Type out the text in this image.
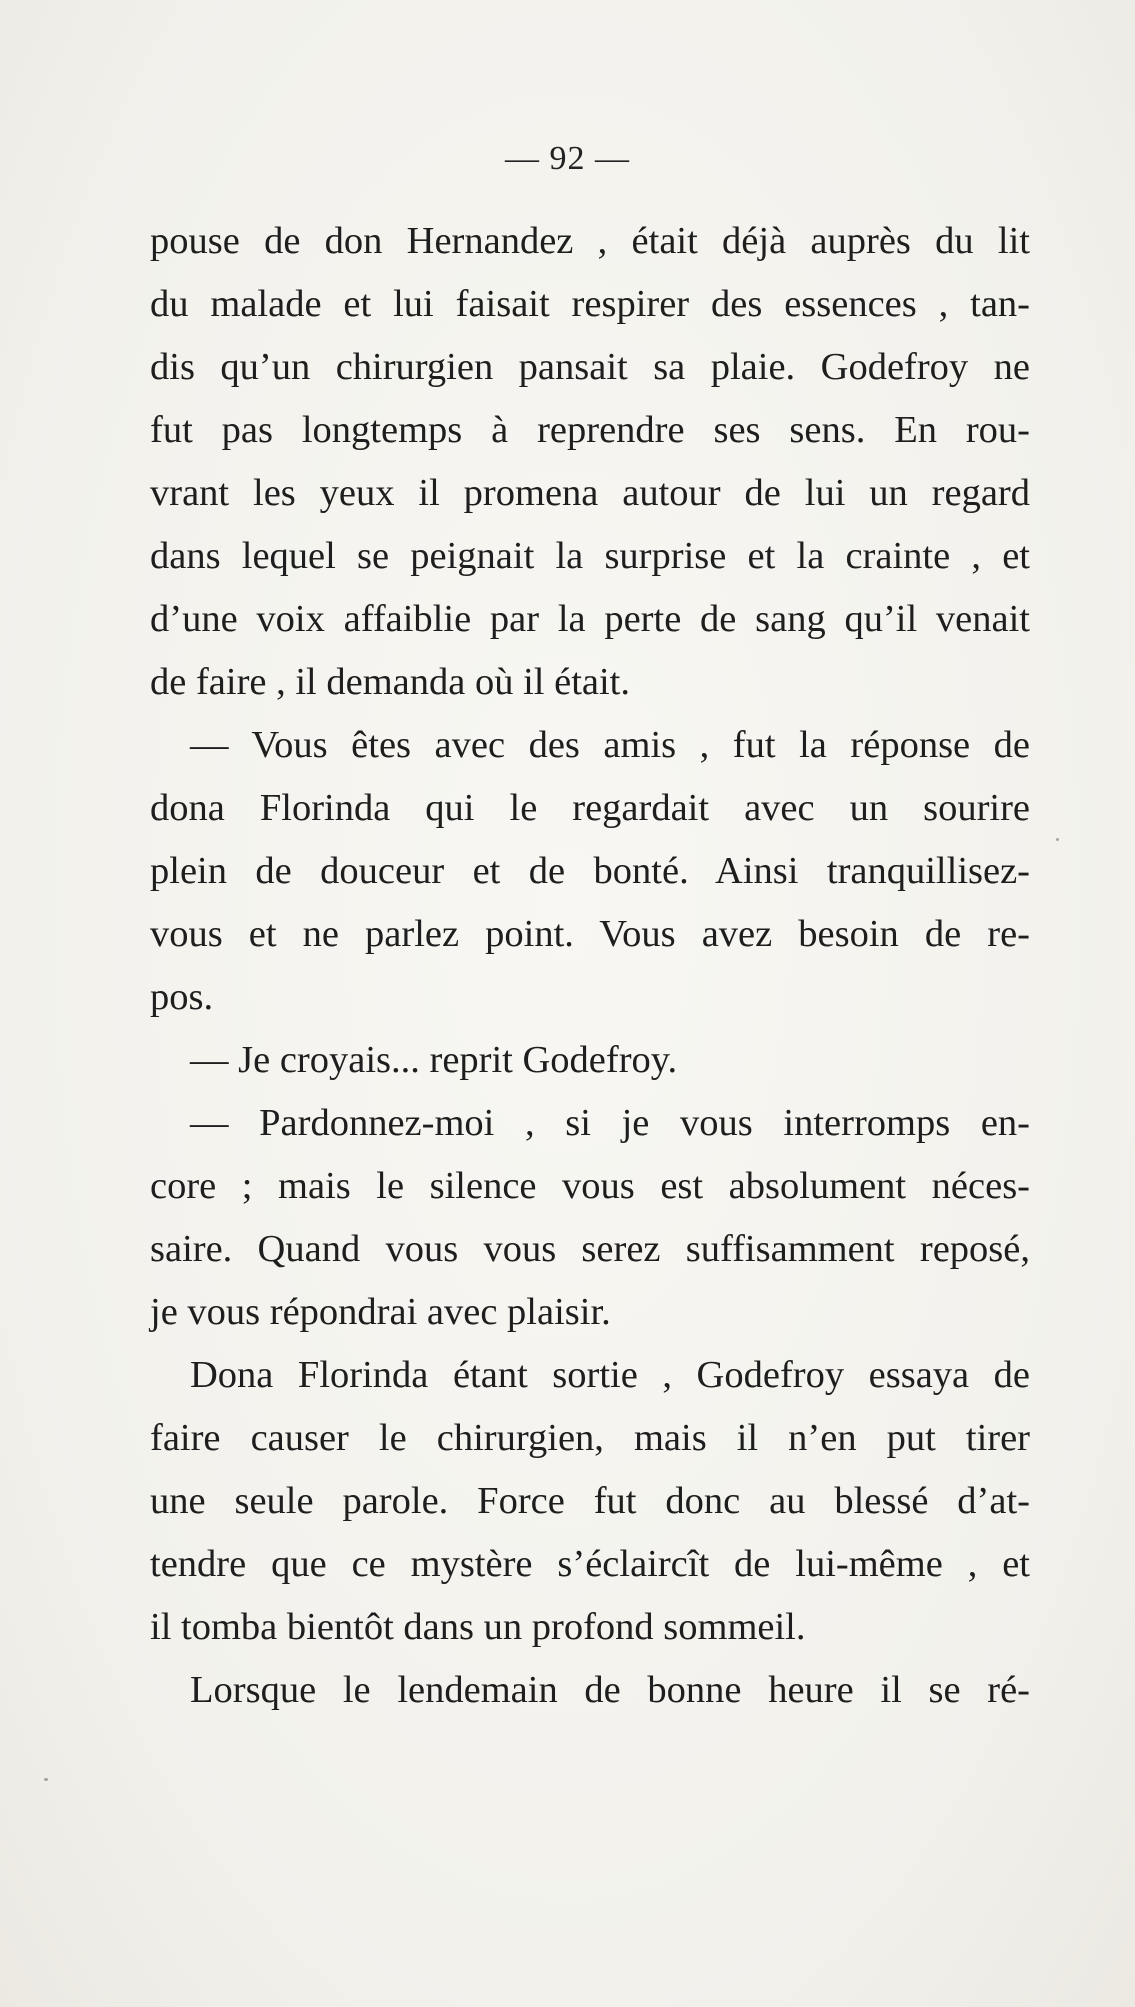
— 92 —
pouse de don Hernandez , était déjà auprès du lit
du malade et lui faisait respirer des essences , tan-
dis qu’un chirurgien pansait sa plaie. Godefroy ne
fut pas longtemps à reprendre ses sens. En rou-
vrant les yeux il promena autour de lui un regard
dans lequel se peignait la surprise et la crainte , et
d’une voix affaiblie par la perte de sang qu’il venait
de faire , il demanda où il était.
— Vous êtes avec des amis , fut la réponse de
dona Florinda qui le regardait avec un sourire
plein de douceur et de bonté. Ainsi tranquillisez-
vous et ne parlez point. Vous avez besoin de re-
pos.
— Je croyais... reprit Godefroy.
— Pardonnez-moi , si je vous interromps en-
core ; mais le silence vous est absolument néces-
saire. Quand vous vous serez suffisamment reposé,
je vous répondrai avec plaisir.
Dona Florinda étant sortie , Godefroy essaya de
faire causer le chirurgien, mais il n’en put tirer
une seule parole. Force fut donc au blessé d’at-
tendre que ce mystère s’éclaircît de lui-même , et
il tomba bientôt dans un profond sommeil.
Lorsque le lendemain de bonne heure il se ré-
